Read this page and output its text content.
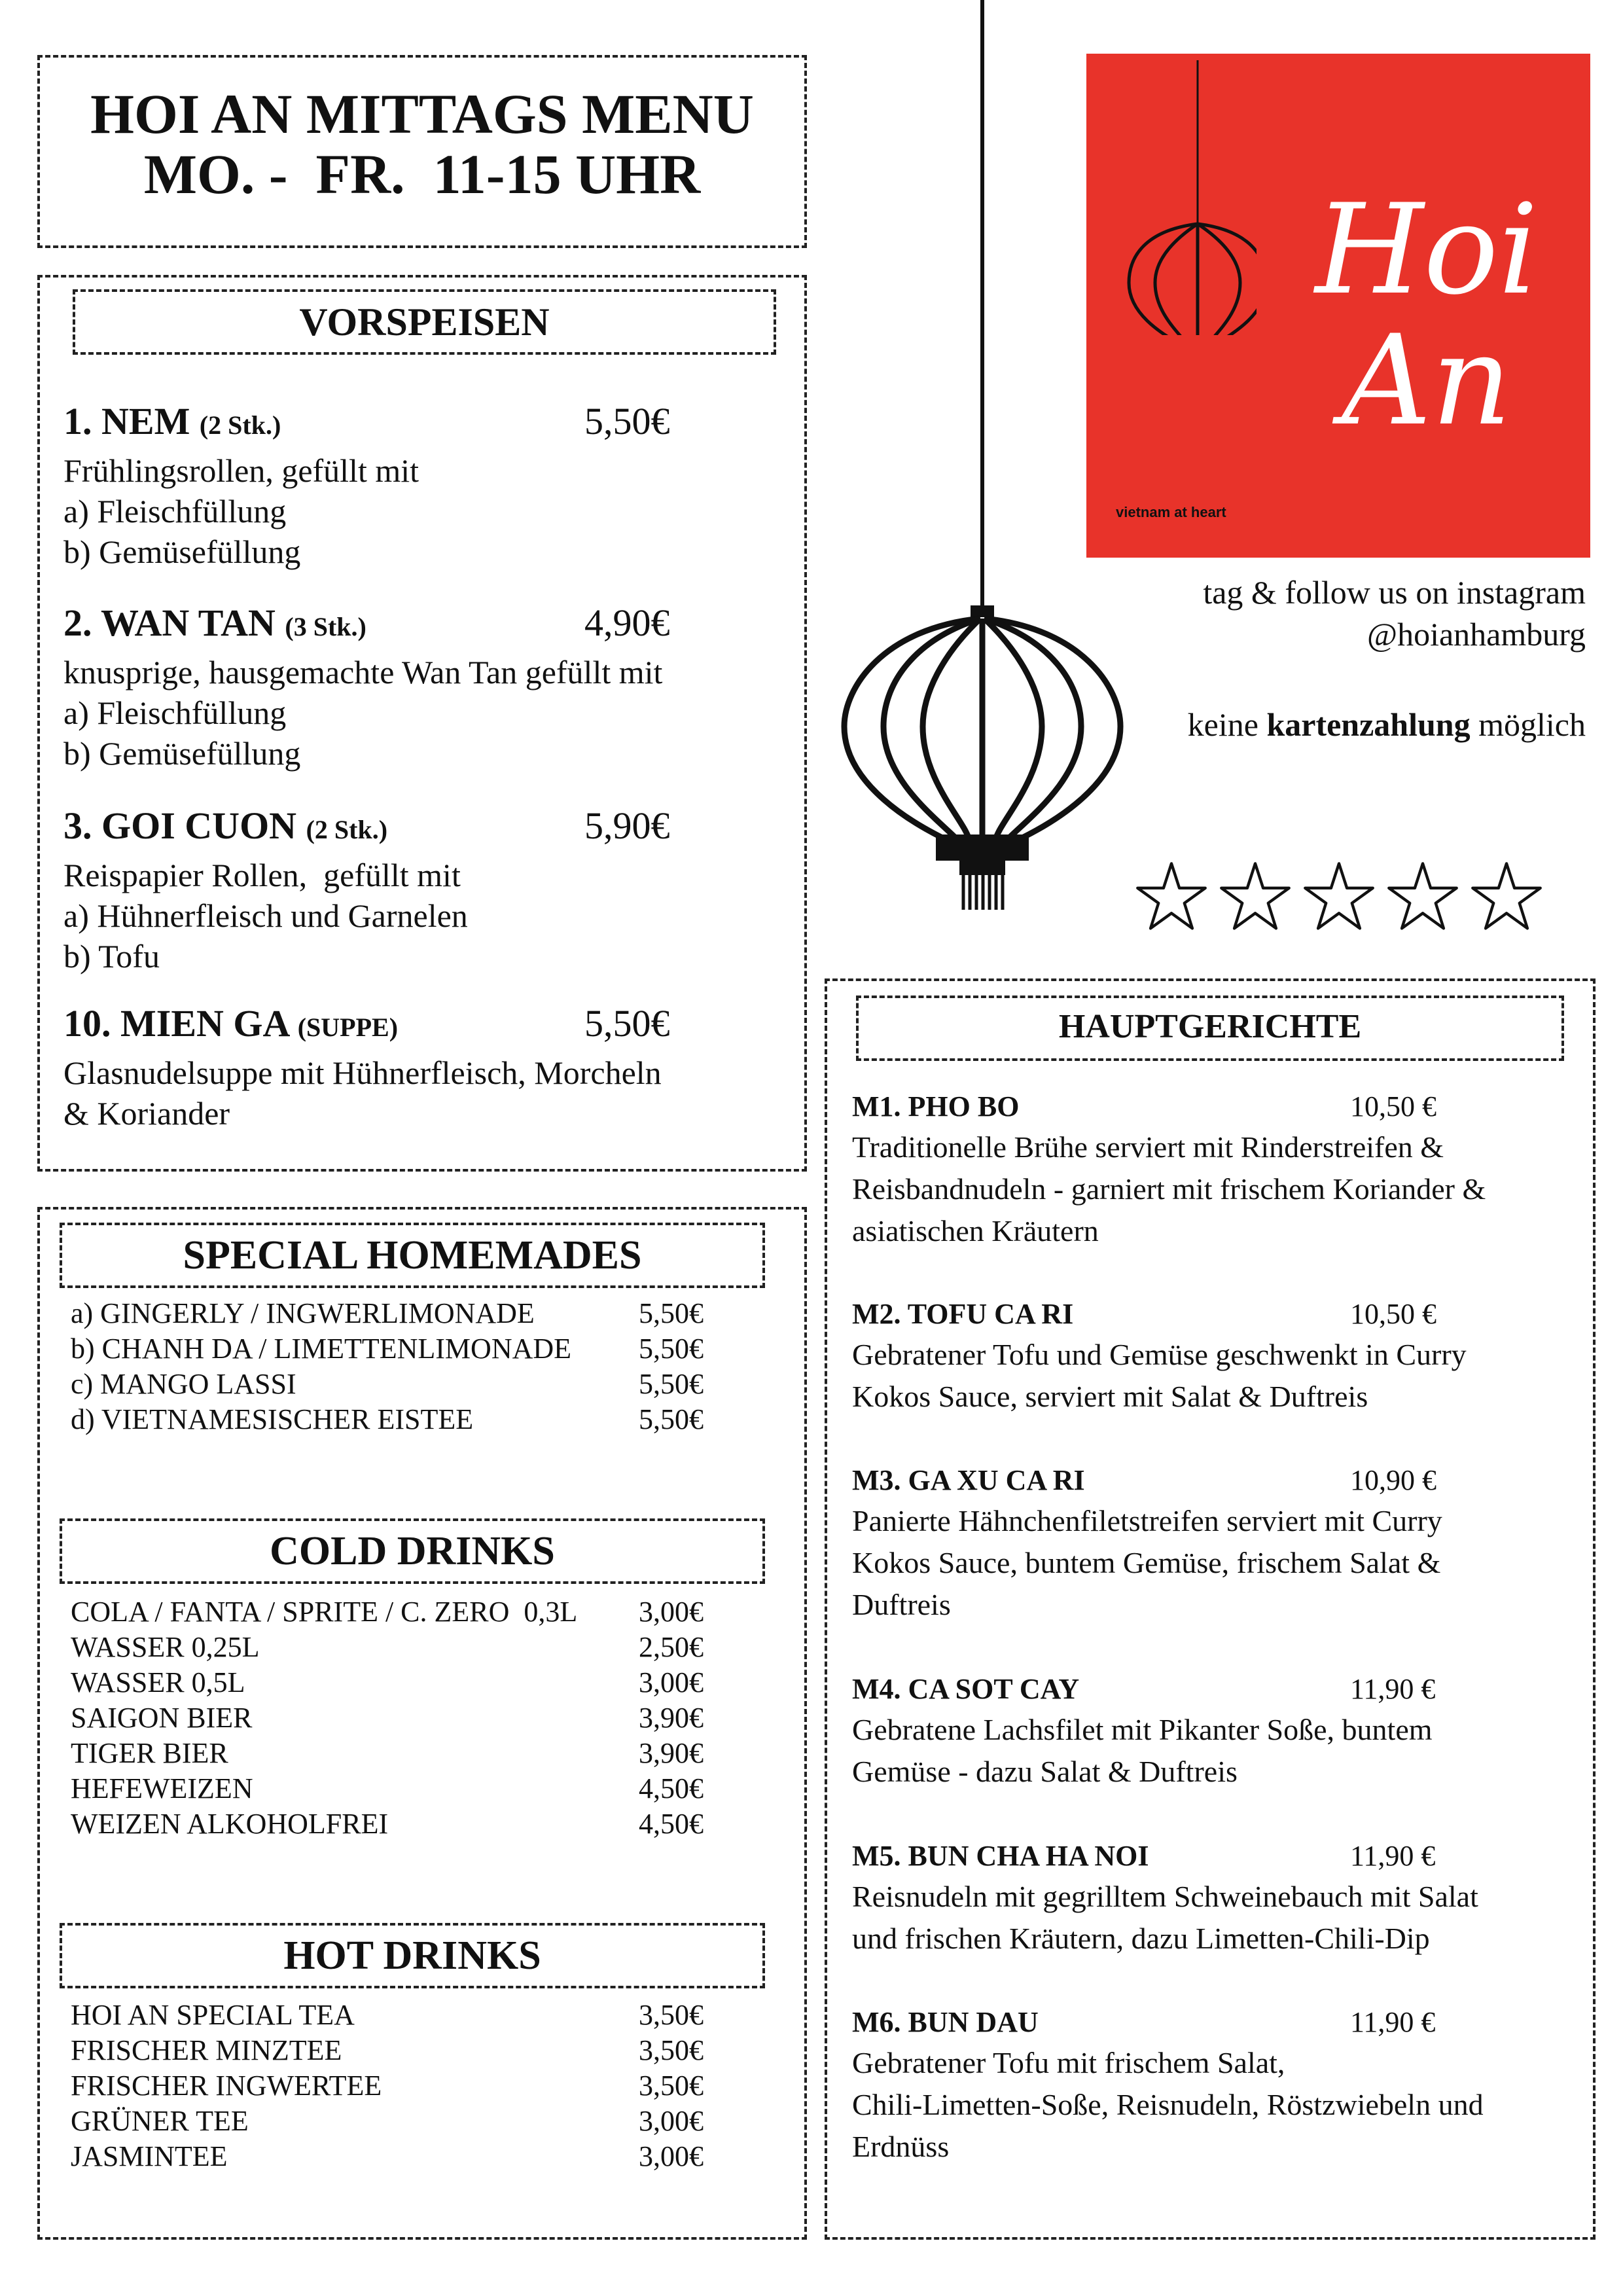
HOI AN MITTAGS MENU
MO. -  FR.  11-15 UHR
VORSPEISEN
1. NEM (2 Stk.)	5,50€
Frühlingsrollen, gefüllt mit
a) Fleischfüllung
b) Gemüsefüllung
2. WAN TAN (3 Stk.)	4,90€
knusprige, hausgemachte Wan Tan gefüllt mit
a) Fleischfüllung
b) Gemüsefüllung
3. GOI CUON (2 Stk.)	5,90€
Reispapier Rollen,  gefüllt mit
a) Hühnerfleisch und Garnelen
b) Tofu
10. MIEN GA (SUPPE)	5,50€
Glasnudelsuppe mit Hühnerfleisch, Morcheln
& Koriander
SPECIAL HOMEMADES
COLD DRINKS
HOT DRINKS
a) GINGERLY / INGWERLIMONADE	5,50€
b) CHANH DA / LIMETTENLIMONADE 5,50€
c) MANGO LASSI	5,50€
d) VIETNAMESISCHER EISTEE	5,50€
COLA / FANTA / SPRITE / C. ZERO  0,3L 3,00€
WASSER 0,25L	2,50€
WASSER 0,5L	3,00€
SAIGON BIER	3,90€
TIGER BIER	3,90€
HEFEWEIZEN	4,50€
WEIZEN ALKOHOLFREI	4,50€
HOI AN SPECIAL TEA	3,50€
FRISCHER MINZTEE	3,50€
FRISCHER INGWERTEE	3,50€
GRÜNER TEE	3,00€
JASMINTEE	3,00€
Hoi An
vietnam at heart
tag & follow us on instagram
@hoianhamburg
keine kartenzahlung möglich
HAUPTGERICHTE
M1. PHO BO	10,50 €
Traditionelle Brühe serviert mit Rinderstreifen &
Reisbandnudeln - garniert mit frischem Koriander &
asiatischen Kräutern
M2. TOFU CA RI	10,50 €
Gebratener Tofu und Gemüse geschwenkt in Curry
Kokos Sauce, serviert mit Salat & Duftreis
M3. GA XU CA RI	10,90 €
Panierte Hähnchenfiletstreifen serviert mit Curry
Kokos Sauce, buntem Gemüse, frischem Salat &
Duftreis
M4. CA SOT CAY	11,90 €
Gebratene Lachsfilet mit Pikanter Soße, buntem
Gemüse - dazu Salat & Duftreis
M5. BUN CHA HA NOI	11,90 €
Reisnudeln mit gegrilltem Schweinebauch mit Salat
und frischen Kräutern, dazu Limetten-Chili-Dip
M6. BUN DAU	11,90 €
Gebratener Tofu mit frischem Salat,
Chili-Limetten-Soße, Reisnudeln, Röstzwiebeln und
Erdnüss
